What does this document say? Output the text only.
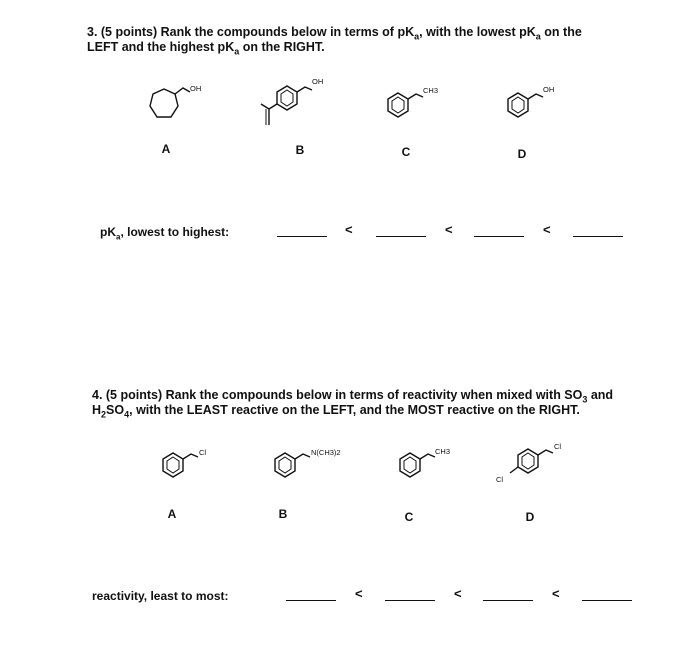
3. (5 points) Rank the compounds below in terms of $pK_a$, with the lowest $pK_a$ on the
LEFT and the highest $pK_a$ on the RIGHT.
OH
A
OH
B
CH3
C
OH
D
$pK_a$, lowest to highest:	<	<	<
4. (5 points) Rank the compounds below in terms of reactivity when mixed with $SO_3$ and
$H_2SO_4$, with the LEAST reactive on the LEFT, and the MOST reactive on the RIGHT.
Cl
A
N(CH3)2
B
CH3
C
Cl
Cl
D
reactivity, least to most:	<	<	<
